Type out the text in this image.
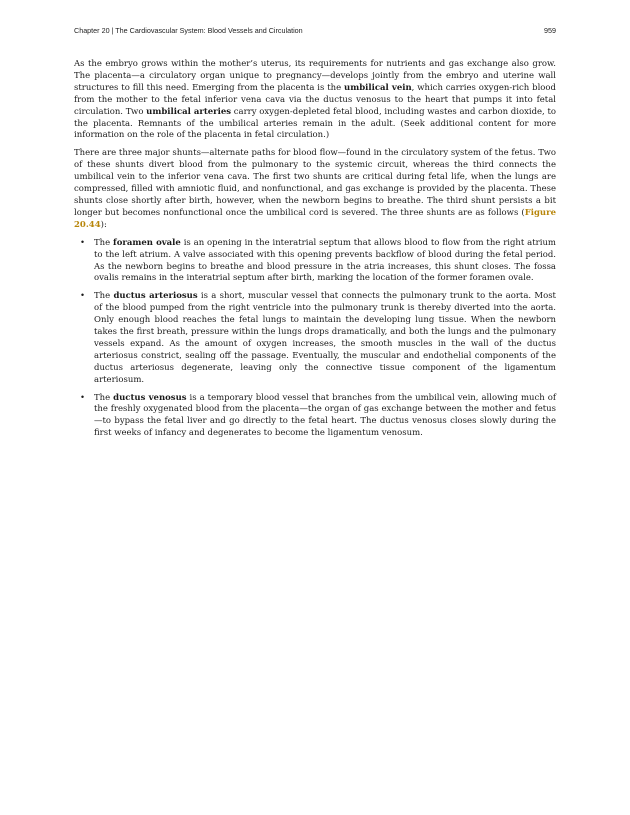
Chapter 20 | The Cardiovascular System: Blood Vessels and Circulation	959

As the embryo grows within the mother’s uterus, its requirements for nutrients and gas exchange also grow. The placenta—a circulatory organ unique to pregnancy—develops jointly from the embryo and uterine wall structures to fill this need. Emerging from the placenta is the umbilical vein, which carries oxygen-rich blood from the mother to the fetal inferior vena cava via the ductus venosus to the heart that pumps it into fetal circulation. Two umbilical arteries carry oxygen-depleted fetal blood, including wastes and carbon dioxide, to the placenta. Remnants of the umbilical arteries remain in the adult. (Seek additional content for more information on the role of the placenta in fetal circulation.)

There are three major shunts—alternate paths for blood flow—found in the circulatory system of the fetus. Two of these shunts divert blood from the pulmonary to the systemic circuit, whereas the third connects the umbilical vein to the inferior vena cava. The first two shunts are critical during fetal life, when the lungs are compressed, filled with amniotic fluid, and nonfunctional, and gas exchange is provided by the placenta. These shunts close shortly after birth, however, when the newborn begins to breathe. The third shunt persists a bit longer but becomes nonfunctional once the umbilical cord is severed. The three shunts are as follows (Figure 20.44):

• The foramen ovale is an opening in the interatrial septum that allows blood to flow from the right atrium to the left atrium. A valve associated with this opening prevents backflow of blood during the fetal period. As the newborn begins to breathe and blood pressure in the atria increases, this shunt closes. The fossa ovalis remains in the interatrial septum after birth, marking the location of the former foramen ovale.
• The ductus arteriosus is a short, muscular vessel that connects the pulmonary trunk to the aorta. Most of the blood pumped from the right ventricle into the pulmonary trunk is thereby diverted into the aorta. Only enough blood reaches the fetal lungs to maintain the developing lung tissue. When the newborn takes the first breath, pressure within the lungs drops dramatically, and both the lungs and the pulmonary vessels expand. As the amount of oxygen increases, the smooth muscles in the wall of the ductus arteriosus constrict, sealing off the passage. Eventually, the muscular and endothelial components of the ductus arteriosus degenerate, leaving only the connective tissue component of the ligamentum arteriosum.
• The ductus venosus is a temporary blood vessel that branches from the umbilical vein, allowing much of the freshly oxygenated blood from the placenta—the organ of gas exchange between the mother and fetus—to bypass the fetal liver and go directly to the fetal heart. The ductus venosus closes slowly during the first weeks of infancy and degenerates to become the ligamentum venosum.
